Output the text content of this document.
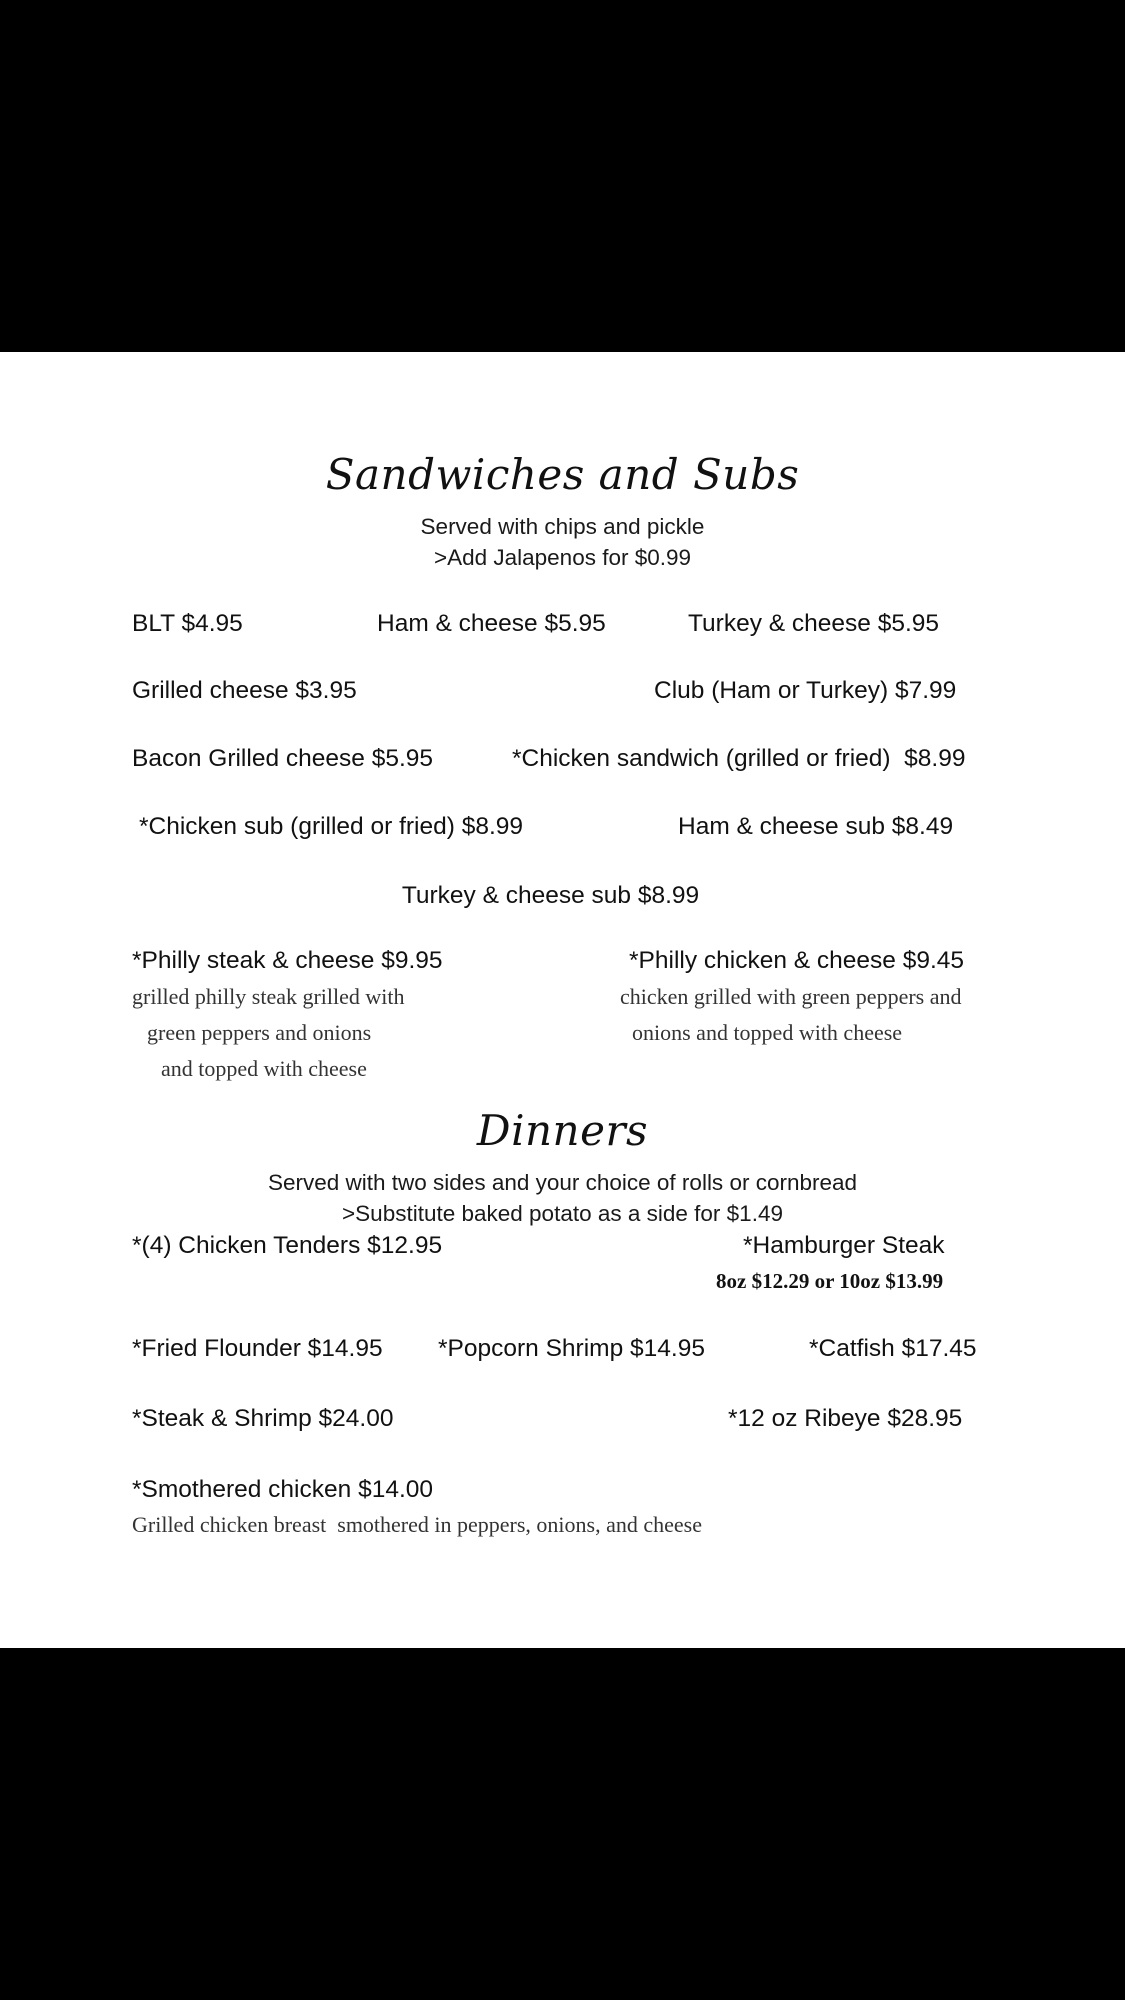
Sandwiches and Subs
Served with chips and pickle
>Add Jalapenos for $0.99
BLT $4.95	Ham & cheese $5.95	Turkey & cheese $5.95
Grilled cheese $3.95	Club (Ham or Turkey) $7.99
Bacon Grilled cheese $5.95	*Chicken sandwich (grilled or fried)  $8.99
*Chicken sub (grilled or fried) $8.99	Ham & cheese sub $8.49
Turkey & cheese sub $8.99
*Philly steak & cheese $9.95
grilled philly steak grilled with
green peppers and onions
and topped with cheese
*Philly chicken & cheese $9.45
chicken grilled with green peppers and
onions and topped with cheese
Dinners
Served with two sides and your choice of rolls or cornbread
>Substitute baked potato as a side for $1.49
*(4) Chicken Tenders $12.95	*Hamburger Steak
8oz $12.29 or 10oz $13.99
*Fried Flounder $14.95 *Popcorn Shrimp $14.95	*Catfish $17.45
*Steak & Shrimp $24.00	*12 oz Ribeye $28.95
*Smothered chicken $14.00
Grilled chicken breast  smothered in peppers, onions, and cheese
